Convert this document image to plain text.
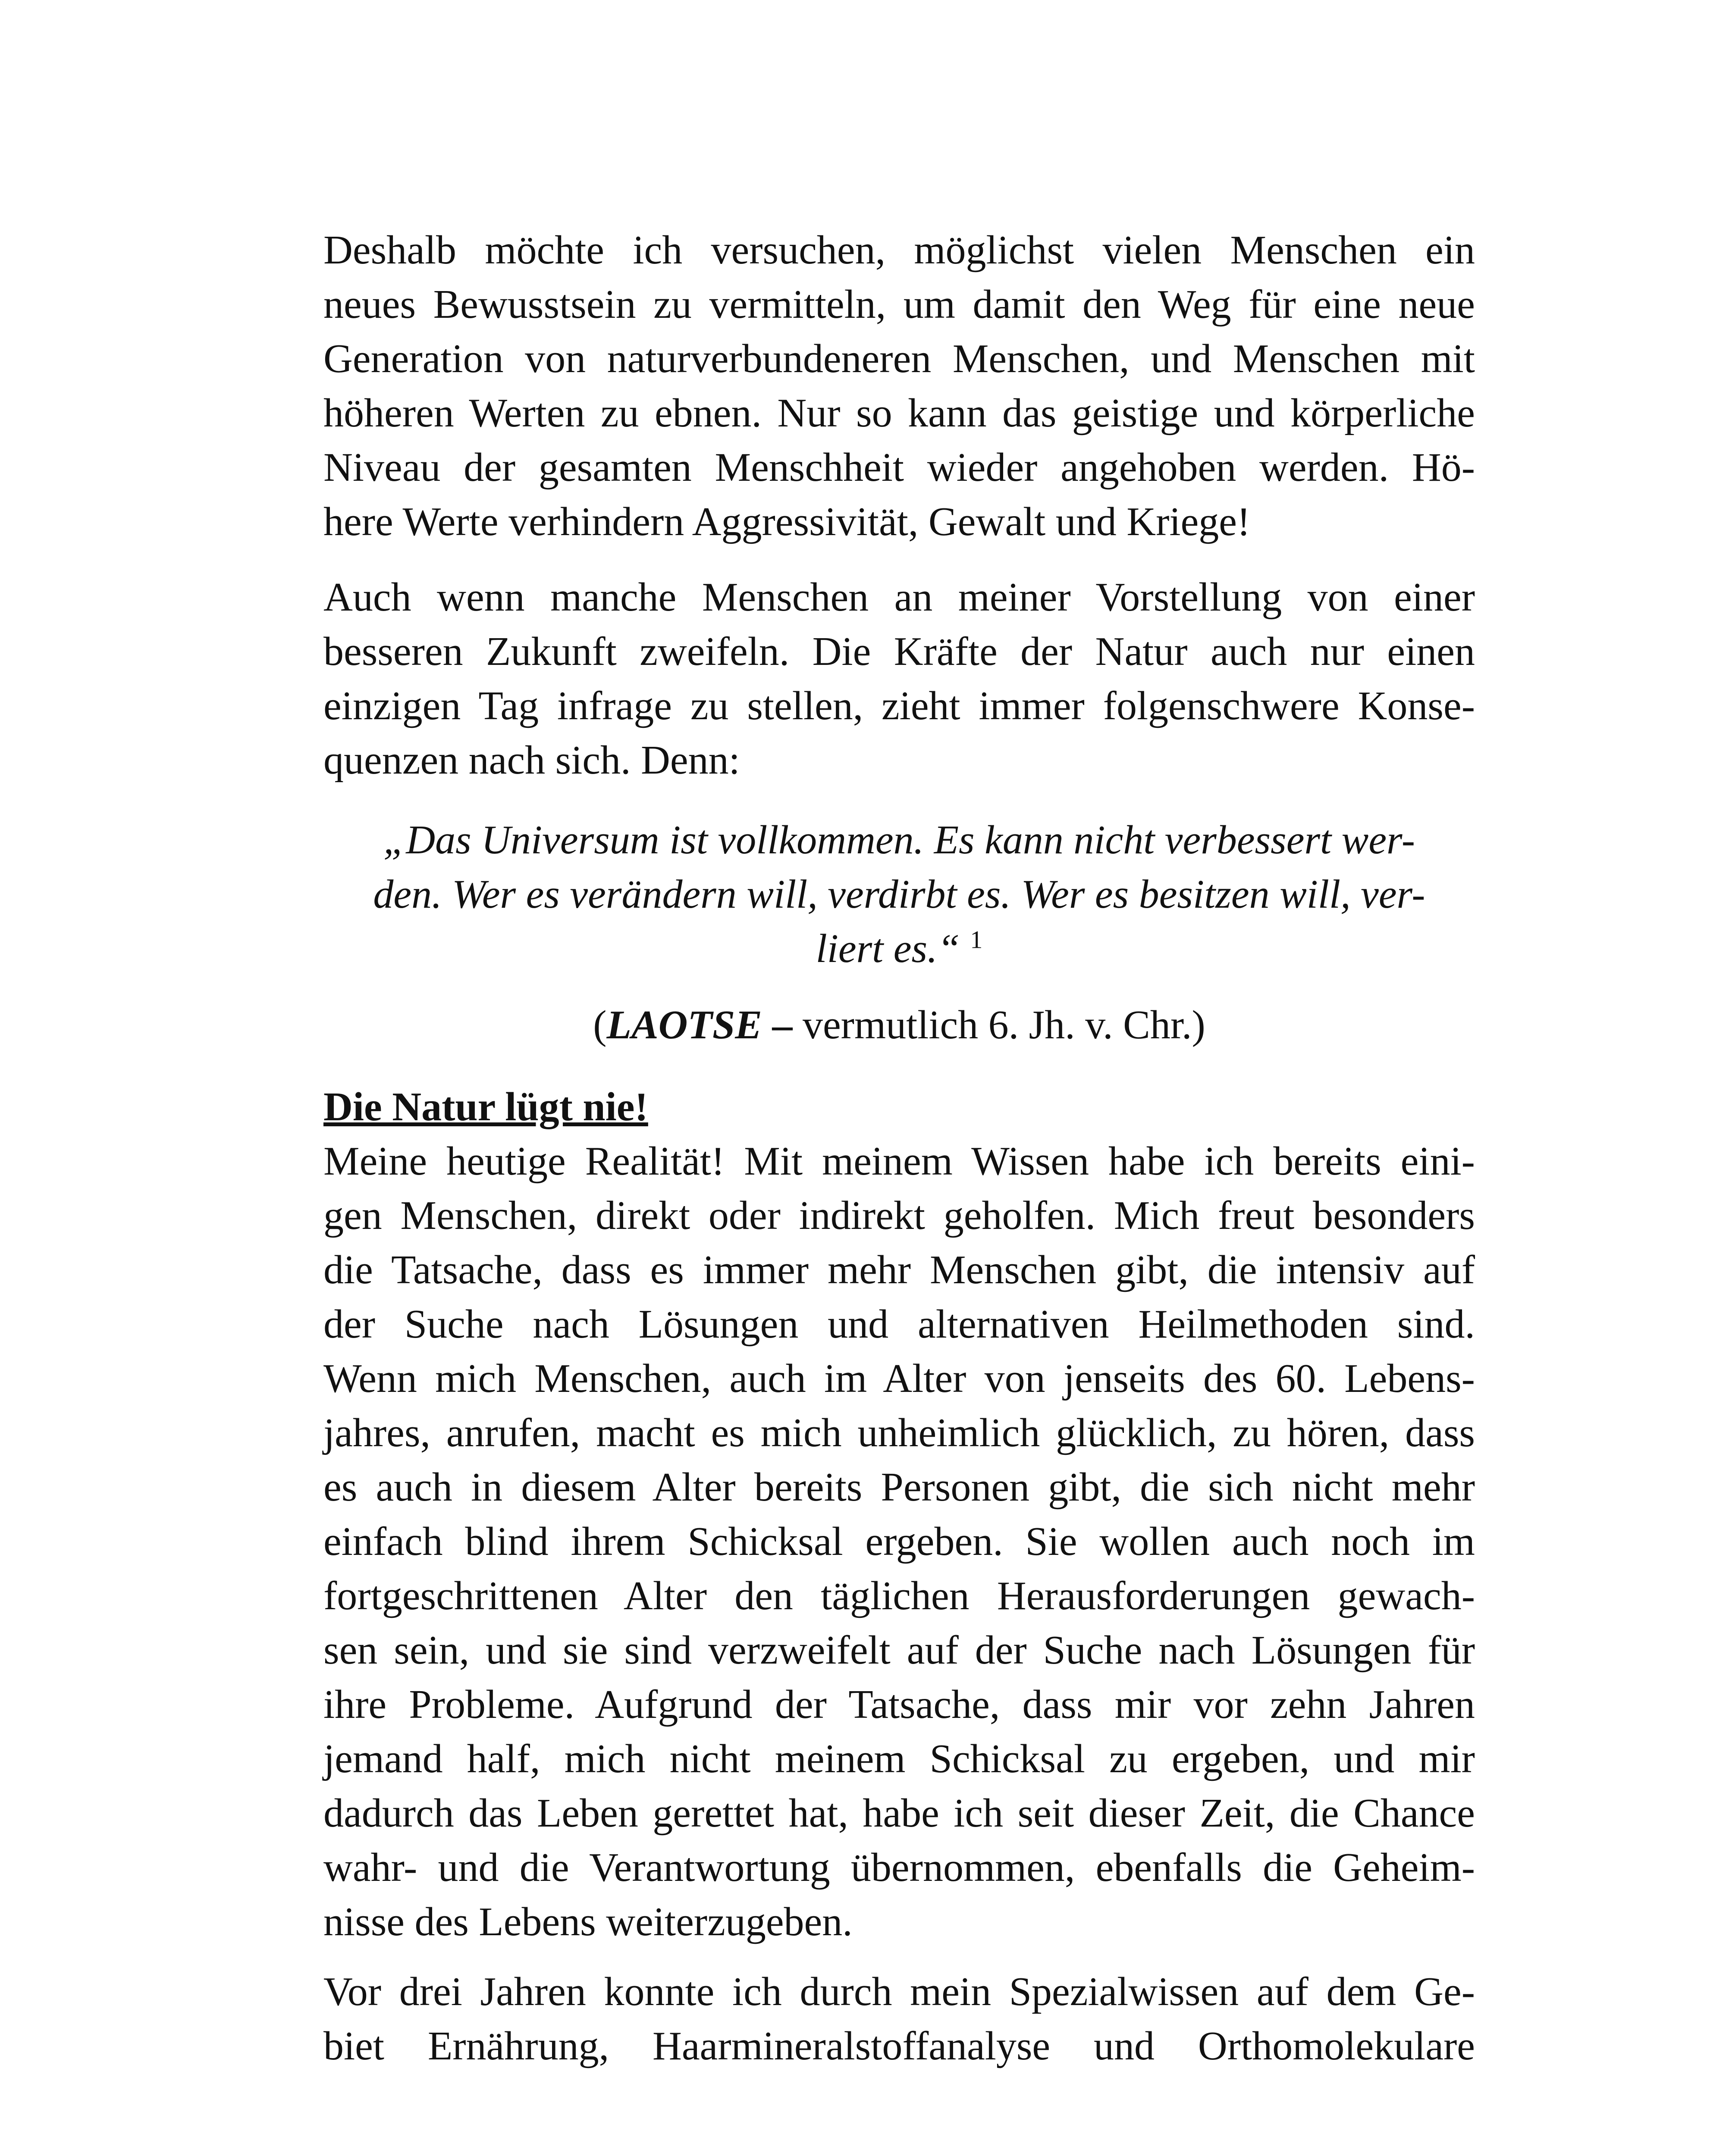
Deshalb möchte ich versuchen, möglichst vielen Menschen ein
neues Bewusstsein zu vermitteln, um damit den Weg für eine neue
Generation von naturverbundeneren Menschen, und Menschen mit
höheren Werten zu ebnen. Nur so kann das geistige und körperliche
Niveau der gesamten Menschheit wieder angehoben werden. Hö-
here Werte verhindern Aggressivität, Gewalt und Kriege!
Auch wenn manche Menschen an meiner Vorstellung von einer
besseren Zukunft zweifeln. Die Kräfte der Natur auch nur einen
einzigen Tag infrage zu stellen, zieht immer folgenschwere Konse-
quenzen nach sich. Denn:
„Das Universum ist vollkommen. Es kann nicht verbessert wer-
den. Wer es verändern will, verdirbt es. Wer es besitzen will, ver-
liert es.“ $^1$
(LAOTSE – vermutlich 6. Jh. v. Chr.)
Die Natur lügt nie!
Meine heutige Realität! Mit meinem Wissen habe ich bereits eini-
gen Menschen, direkt oder indirekt geholfen. Mich freut besonders
die Tatsache, dass es immer mehr Menschen gibt, die intensiv auf
der Suche nach Lösungen und alternativen Heilmethoden sind.
Wenn mich Menschen, auch im Alter von jenseits des 60. Lebens-
jahres, anrufen, macht es mich unheimlich glücklich, zu hören, dass
es auch in diesem Alter bereits Personen gibt, die sich nicht mehr
einfach blind ihrem Schicksal ergeben. Sie wollen auch noch im
fortgeschrittenen Alter den täglichen Herausforderungen gewach-
sen sein, und sie sind verzweifelt auf der Suche nach Lösungen für
ihre Probleme. Aufgrund der Tatsache, dass mir vor zehn Jahren
jemand half, mich nicht meinem Schicksal zu ergeben, und mir
dadurch das Leben gerettet hat, habe ich seit dieser Zeit, die Chance
wahr- und die Verantwortung übernommen, ebenfalls die Geheim-
nisse des Lebens weiterzugeben.
Vor drei Jahren konnte ich durch mein Spezialwissen auf dem Ge-
biet Ernährung, Haarmineralstoffanalyse und Orthomolekulare
